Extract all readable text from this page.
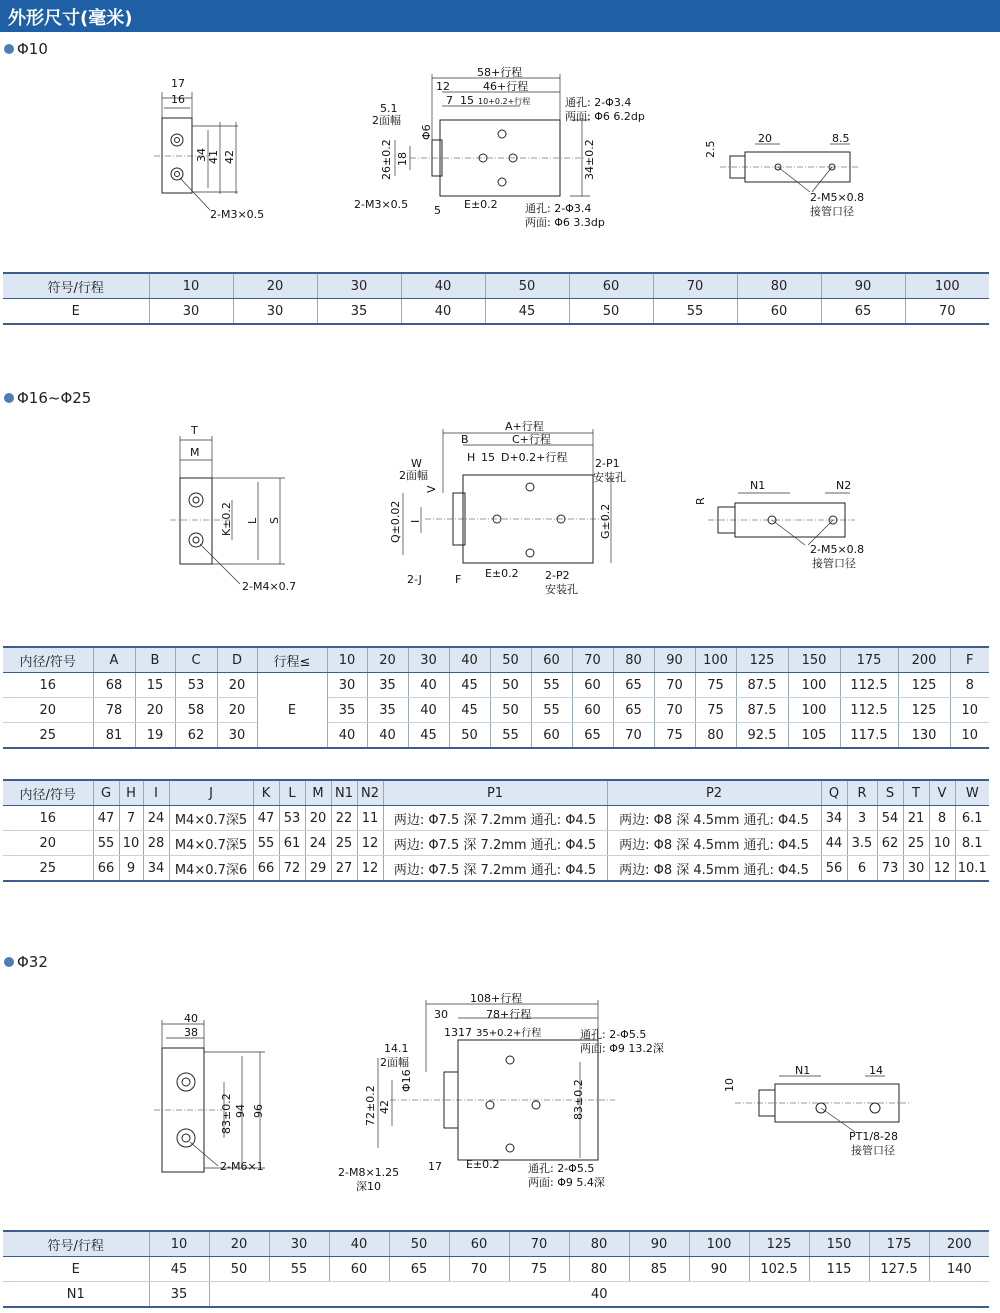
外形尺寸(毫米)
Φ10
Φ16~Φ25
Φ32
17
16
34 41 42
2-M3×0.5
58+行程
46+行程
12
7 15 10+0.2+行程
5.1
2面幅
Φ6
26±0.2 18	34±0.2
2-M3×0.5 5 E±0.2
通孔: 2-Φ3.4
两面: Φ6 6.2dp
通孔: 2-Φ3.4
两面: Φ6 3.3dp
2.5
20	8.5
2-M5×0.8
接管口径
符号/行程	10	20	30	40	50	60	70	80	90	100
E	30	30	35	40	45	50	55	60	65	70
T
M
K±0.2 L S
2-M4×0.7
A+行程
C+行程
B
H 15 D+0.2+行程
W
2面幅
V
Q±0.02 I	G±0.2
2-P1
安装孔
2-J	F E±0.2 2-P2
安装孔
R
N1	N2
2-M5×0.8
接管口径
内径/符号	A	B	C	D	行程≤	10	20	30	40	50	60	70	80	90	100	125	150	175	200	F
16	68	15	53	20	E	30	35	40	45	50	55	60	65	70	75	87.5	100	112.5	125	8
20	78	20	58	20		35	35	40	45	50	55	60	65	70	75	87.5	100	112.5	125	10
25	81	19	62	30		40	40	45	50	55	60	65	70	75	80	92.5	105	117.5	130	10
内径/符号	G	H	I	J	K	L	M	N1	N2	P1	P2	Q	R	S	T	V	W
16	47	7	24	M4×0.7深5	47	53	20	22	11	两边: Φ7.5 深 7.2mm 通孔: Φ4.5	两边: Φ8 深 4.5mm 通孔: Φ4.5	34	3	54	21	8	6.1
20	55	10	28	M4×0.7深5	55	61	24	25	12	两边: Φ7.5 深 7.2mm 通孔: Φ4.5	两边: Φ8 深 4.5mm 通孔: Φ4.5	44	3.5	62	25	10	8.1
25	66	9	34	M4×0.7深6	66	72	29	27	12	两边: Φ7.5 深 7.2mm 通孔: Φ4.5	两边: Φ8 深 4.5mm 通孔: Φ4.5	56	6	73	30	12	10.1
40
38
83±0.2 94 96
2-M6×1
108+行程
78+行程
30
13 17 35+0.2+行程
14.1
2面幅
Φ16
72±0.2 42	83±0.2
2-M8×1.25
深10
17 E±0.2
通孔: 2-Φ5.5
两面: Φ9 13.2深
通孔: 2-Φ5.5
两面: Φ9 5.4深
10
N1	14
PT1/8-28
接管口径
符号/行程	10	20	30	40	50	60	70	80	90	100	125	150	175	200
E	45	50	55	60	65	70	75	80	85	90	102.5	115	127.5	140
N1	35	40												
